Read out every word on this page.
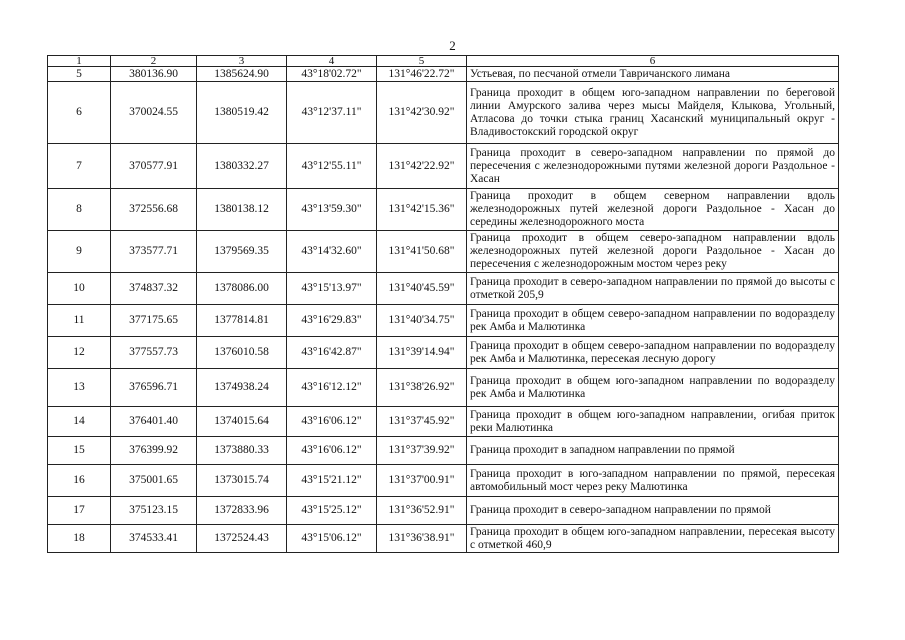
2
1	2	3	4	5	6
5	380136.90	1385624.90	43°18'02.72"	131°46'22.72"	Устьевая, по песчаной отмели Тавричанского лимана
6	370024.55	1380519.42	43°12'37.11"	131°42'30.92"	Граница проходит в общем юго-западном направлении по береговой линии Амурского залива через мысы Майделя, Клыкова, Угольный, Атласова до точки стыка границ Хасанский муниципальный округ - Владивостокский городской округ
7	370577.91	1380332.27	43°12'55.11"	131°42'22.92"	Граница проходит в северо-западном направлении по прямой до пересечения с железнодорожными путями железной дороги Раздольное - Хасан
8	372556.68	1380138.12	43°13'59.30"	131°42'15.36"	Граница проходит в общем северном направлении вдоль железнодорожных путей железной дороги Раздольное - Хасан до середины железнодорожного моста
9	373577.71	1379569.35	43°14'32.60"	131°41'50.68"	Граница проходит в общем северо-западном направлении вдоль железнодорожных путей железной дороги Раздольное - Хасан до пересечения с железнодорожным мостом через реку
10	374837.32	1378086.00	43°15'13.97"	131°40'45.59"	Граница проходит в северо-западном направлении по прямой до высоты с отметкой 205,9
11	377175.65	1377814.81	43°16'29.83"	131°40'34.75"	Граница проходит в общем северо-западном направлении по водоразделу рек Амба и Малютинка
12	377557.73	1376010.58	43°16'42.87"	131°39'14.94"	Граница проходит в общем северо-западном направлении по водоразделу рек Амба и Малютинка, пересекая лесную дорогу
13	376596.71	1374938.24	43°16'12.12"	131°38'26.92"	Граница проходит в общем юго-западном направлении по водоразделу рек Амба и Малютинка
14	376401.40	1374015.64	43°16'06.12"	131°37'45.92"	Граница проходит в общем юго-западном направлении, огибая приток реки Малютинка
15	376399.92	1373880.33	43°16'06.12"	131°37'39.92"	Граница проходит в западном направлении по прямой
16	375001.65	1373015.74	43°15'21.12"	131°37'00.91"	Граница проходит в юго-западном направлении по прямой, пересекая автомобильный мост через реку Малютинка
17	375123.15	1372833.96	43°15'25.12"	131°36'52.91"	Граница проходит в северо-западном направлении по прямой
18	374533.41	1372524.43	43°15'06.12"	131°36'38.91"	Граница проходит в общем юго-западном направлении, пересекая высоту с отметкой 460,9
